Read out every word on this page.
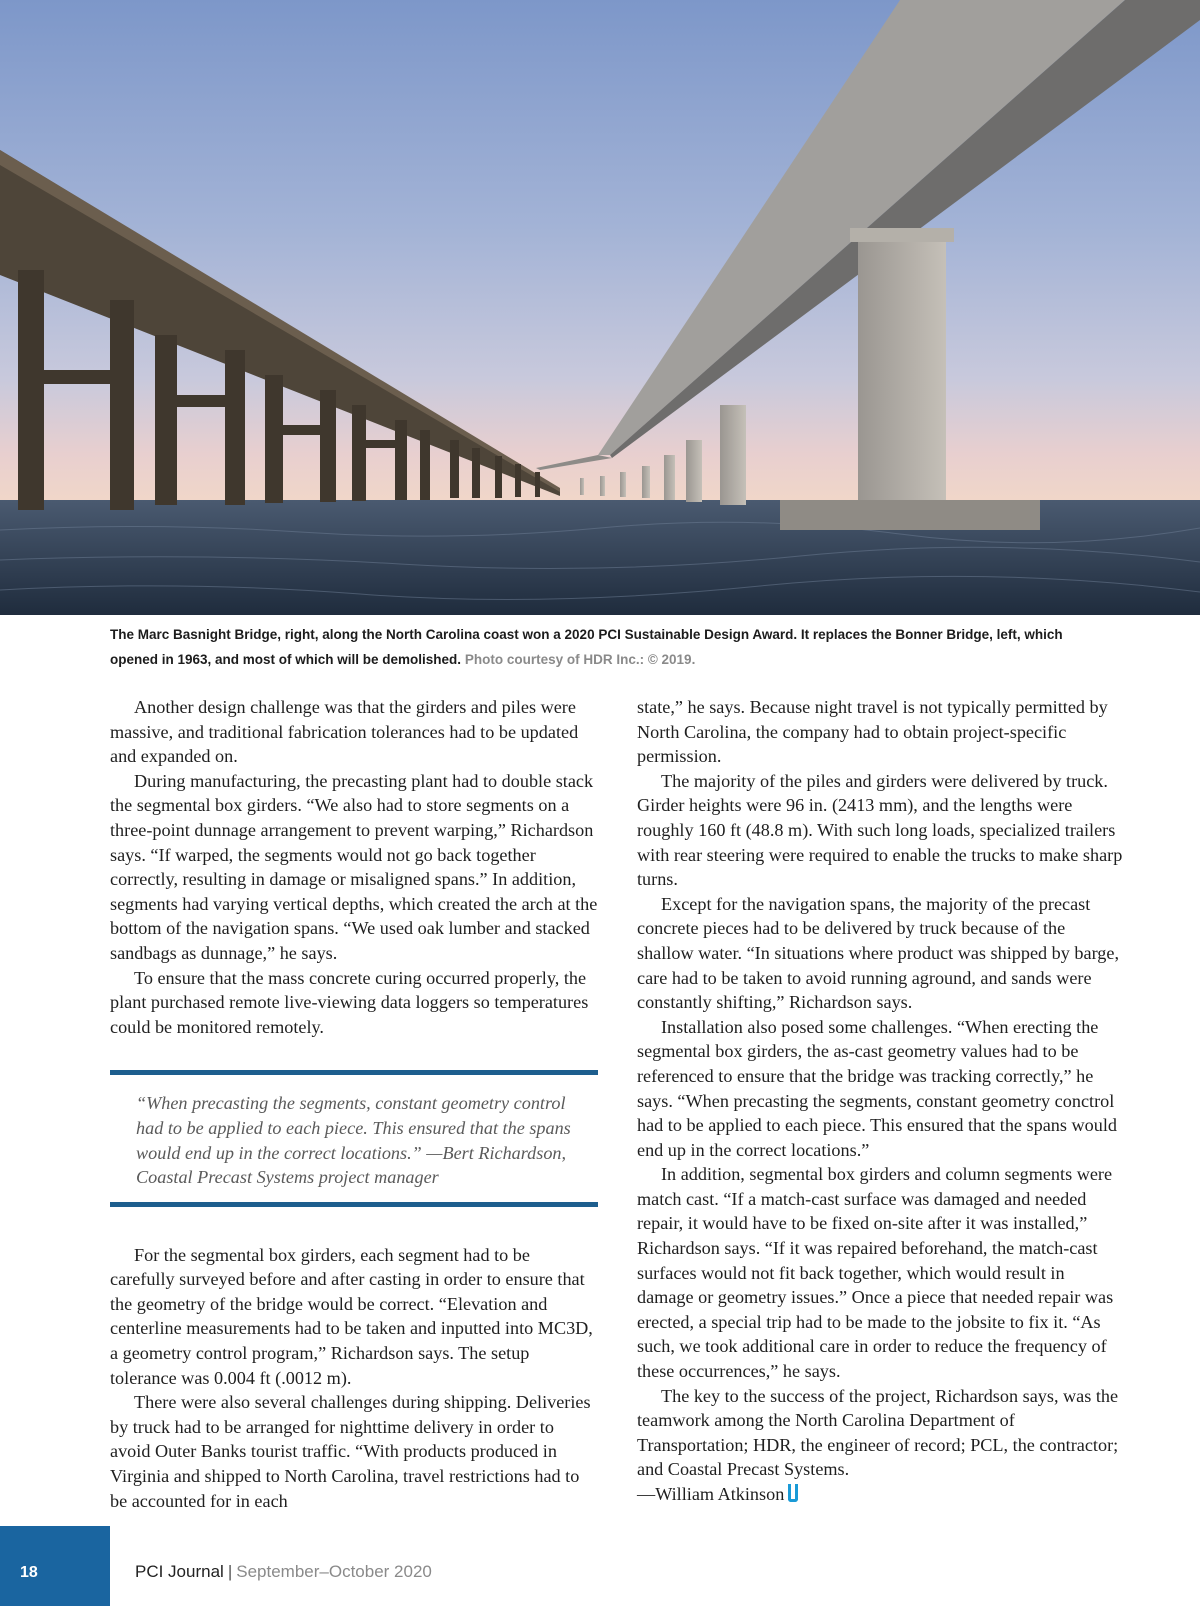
The Marc Basnight Bridge, right, along the North Carolina coast won a 2020 PCI Sustainable Design Award. It replaces the Bonner Bridge, left, which opened in 1963, and most of which will be demolished. Photo courtesy of HDR Inc.: © 2019.

Another design challenge was that the girders and piles were massive, and traditional fabrication tolerances had to be updated and expanded on.

During manufacturing, the precasting plant had to double stack the segmental box girders. “We also had to store segments on a three-point dunnage arrangement to prevent warping,” Richardson says. “If warped, the segments would not go back together correctly, resulting in damage or misaligned spans.” In addition, segments had varying vertical depths, which created the arch at the bottom of the navigation spans. “We used oak lumber and stacked sandbags as dunnage,” he says.

To ensure that the mass concrete curing occurred properly, the plant purchased remote live-viewing data loggers so temperatures could be monitored remotely.

“When precasting the segments, constant geometry control had to be applied to each piece. This ensured that the spans would end up in the correct locations.” —Bert Richardson, Coastal Precast Systems project manager

For the segmental box girders, each segment had to be carefully surveyed before and after casting in order to ensure that the geometry of the bridge would be correct. “Elevation and centerline measurements had to be taken and inputted into MC3D, a geometry control program,” Richardson says. The setup tolerance was 0.004 ft (.0012 m).

There were also several challenges during shipping. Deliveries by truck had to be arranged for nighttime delivery in order to avoid Outer Banks tourist traffic. “With products produced in Virginia and shipped to North Carolina, travel restrictions had to be accounted for in each

state,” he says. Because night travel is not typically permitted by North Carolina, the company had to obtain project-specific permission.

The majority of the piles and girders were delivered by truck. Girder heights were 96 in. (2413 mm), and the lengths were roughly 160 ft (48.8 m). With such long loads, specialized trailers with rear steering were required to enable the trucks to make sharp turns.

Except for the navigation spans, the majority of the precast concrete pieces had to be delivered by truck because of the shallow water. “In situations where product was shipped by barge, care had to be taken to avoid running aground, and sands were constantly shifting,” Richardson says.

Installation also posed some challenges. “When erecting the segmental box girders, the as-cast geometry values had to be referenced to ensure that the bridge was tracking correctly,” he says. “When precasting the segments, constant geometry conctrol had to be applied to each piece. This ensured that the spans would end up in the correct locations.”

In addition, segmental box girders and column segments were match cast. “If a match-cast surface was damaged and needed repair, it would have to be fixed on-site after it was installed,” Richardson says. “If it was repaired beforehand, the match-cast surfaces would not fit back together, which would result in damage or geometry issues.” Once a piece that needed repair was erected, a special trip had to be made to the jobsite to fix it. “As such, we took additional care in order to reduce the frequency of these occurrences,” he says.

The key to the success of the project, Richardson says, was the teamwork among the North Carolina Department of Transportation; HDR, the engineer of record; PCL, the contractor; and Coastal Precast Systems.

—William Atkinson

18	PCI Journal | September–October 2020
